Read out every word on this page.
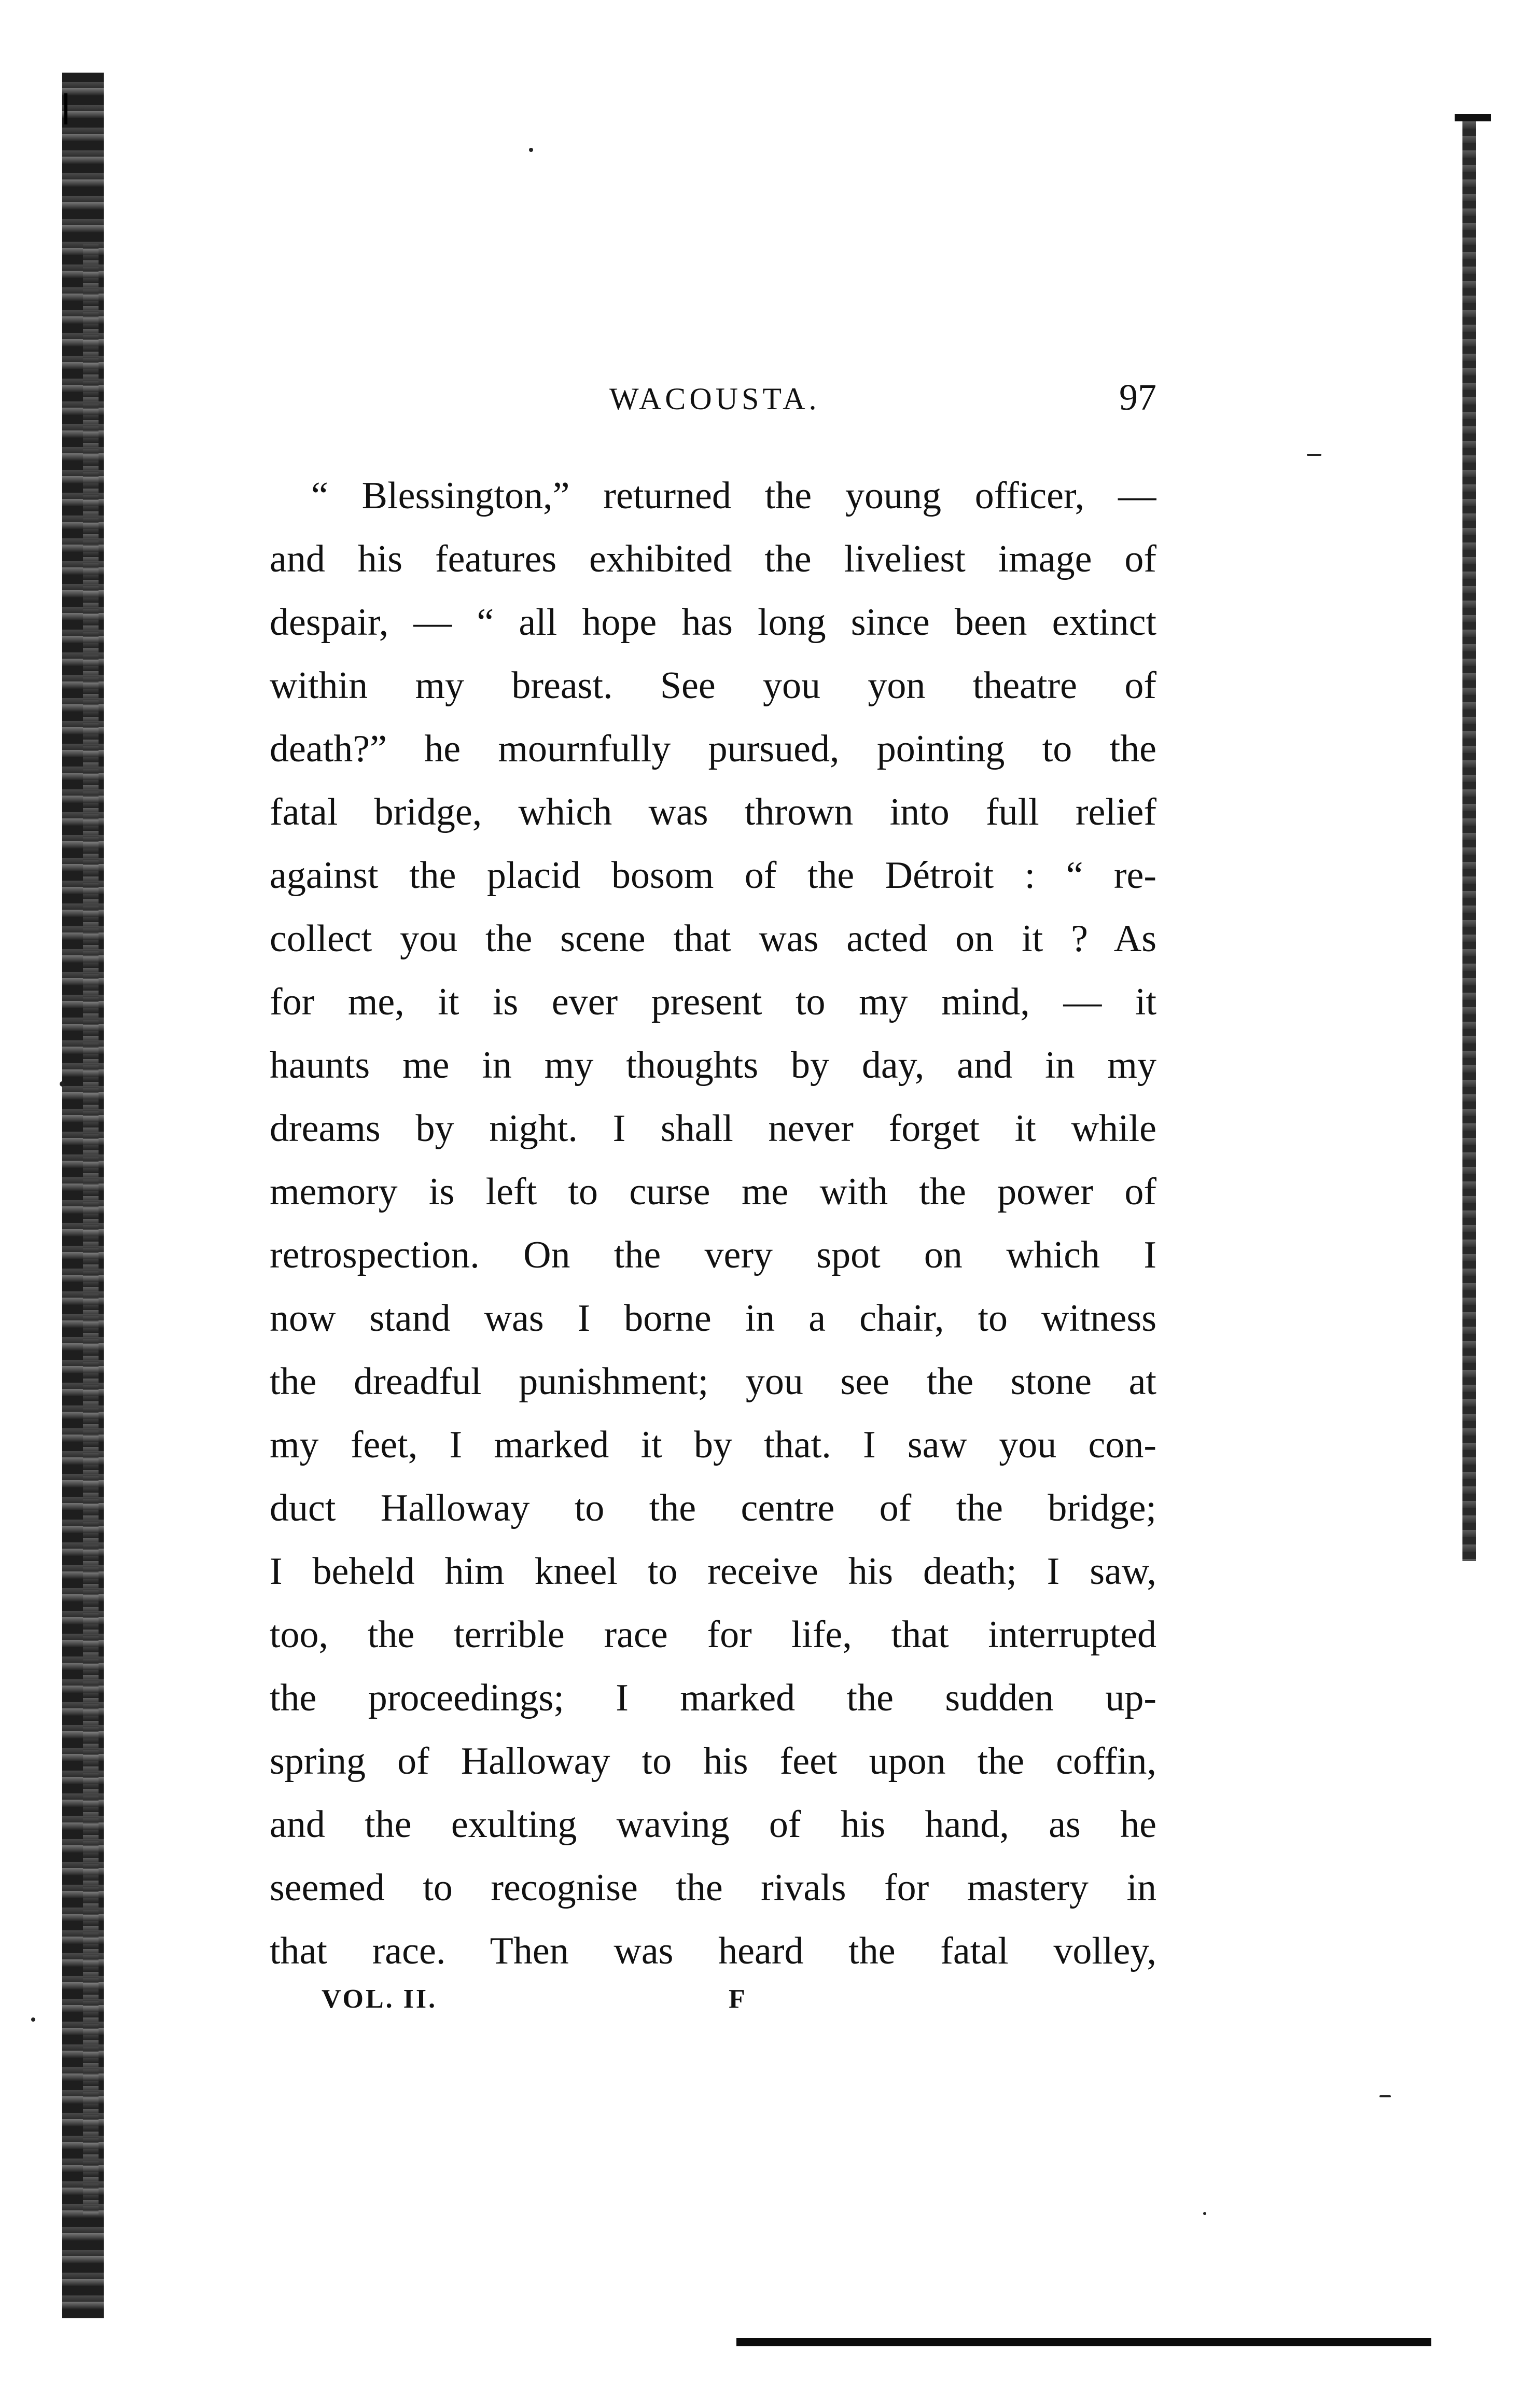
WACOUSTA.	97
“ Blessington,” returned the young officer, —
and his features exhibited the liveliest image of
despair, — “ all hope has long since been extinct
within my breast. See you yon theatre of
death?” he mournfully pursued, pointing to the
fatal bridge, which was thrown into full relief
against the placid bosom of the Détroit : “ re-
collect you the scene that was acted on it ? As
for me, it is ever present to my mind, — it
haunts me in my thoughts by day, and in my
dreams by night. I shall never forget it while
memory is left to curse me with the power of
retrospection. On the very spot on which I
now stand was I borne in a chair, to witness
the dreadful punishment; you see the stone at
my feet, I marked it by that. I saw you con-
duct Halloway to the centre of the bridge;
I beheld him kneel to receive his death; I saw,
too, the terrible race for life, that interrupted
the proceedings; I marked the sudden up-
spring of Halloway to his feet upon the coffin,
and the exulting waving of his hand, as he
seemed to recognise the rivals for mastery in
that race. Then was heard the fatal volley,
VOL. II.	F
